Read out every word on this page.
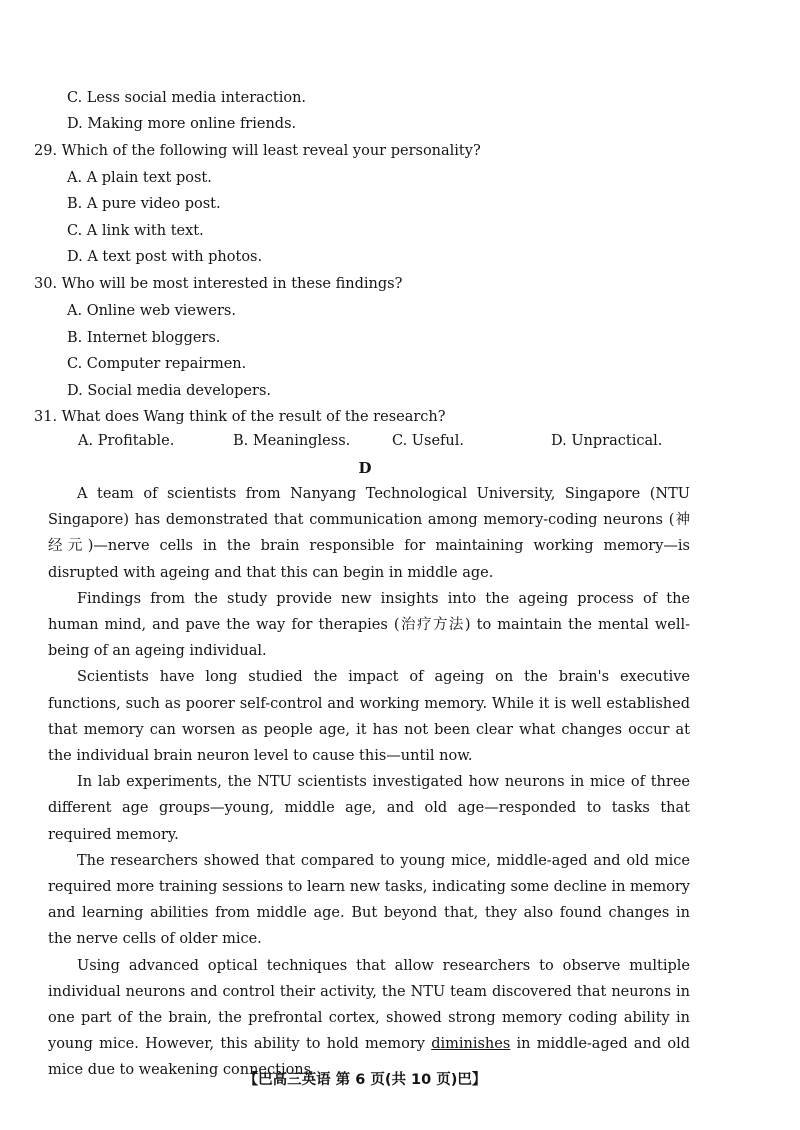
C. Less social media interaction.
D. Making more online friends.
29. Which of the following will least reveal your personality?
A. A plain text post.
B. A pure video post.
C. A link with text.
D. A text post with photos.
30. Who will be most interested in these findings?
A. Online web viewers.
B. Internet bloggers.
C. Computer repairmen.
D. Social media developers.
31. What does Wang think of the result of the research?
A. Profitable.	B. Meaningless.	C. Useful.	D. Unpractical.
D

A team of scientists from Nanyang Technological University, Singapore (NTU Singapore) has demonstrated that communication among memory-coding neurons (神经元)—nerve cells in the brain responsible for maintaining working memory—is disrupted with ageing and that this can begin in middle age.

Findings from the study provide new insights into the ageing process of the human mind, and pave the way for therapies (治疗方法) to maintain the mental well-being of an ageing individual.

Scientists have long studied the impact of ageing on the brain's executive functions, such as poorer self-control and working memory. While it is well established that memory can worsen as people age, it has not been clear what changes occur at the individual brain neuron level to cause this—until now.

In lab experiments, the NTU scientists investigated how neurons in mice of three different age groups—young, middle age, and old age—responded to tasks that required memory.

The researchers showed that compared to young mice, middle-aged and old mice required more training sessions to learn new tasks, indicating some decline in memory and learning abilities from middle age. But beyond that, they also found changes in the nerve cells of older mice.

Using advanced optical techniques that allow researchers to observe multiple individual neurons and control their activity, the NTU team discovered that neurons in one part of the brain, the prefrontal cortex, showed strong memory coding ability in young mice. However, this ability to hold memory diminishes in middle-aged and old mice due to weakening connections

【巴高三英语 第 6 页(共 10 页)巴】
